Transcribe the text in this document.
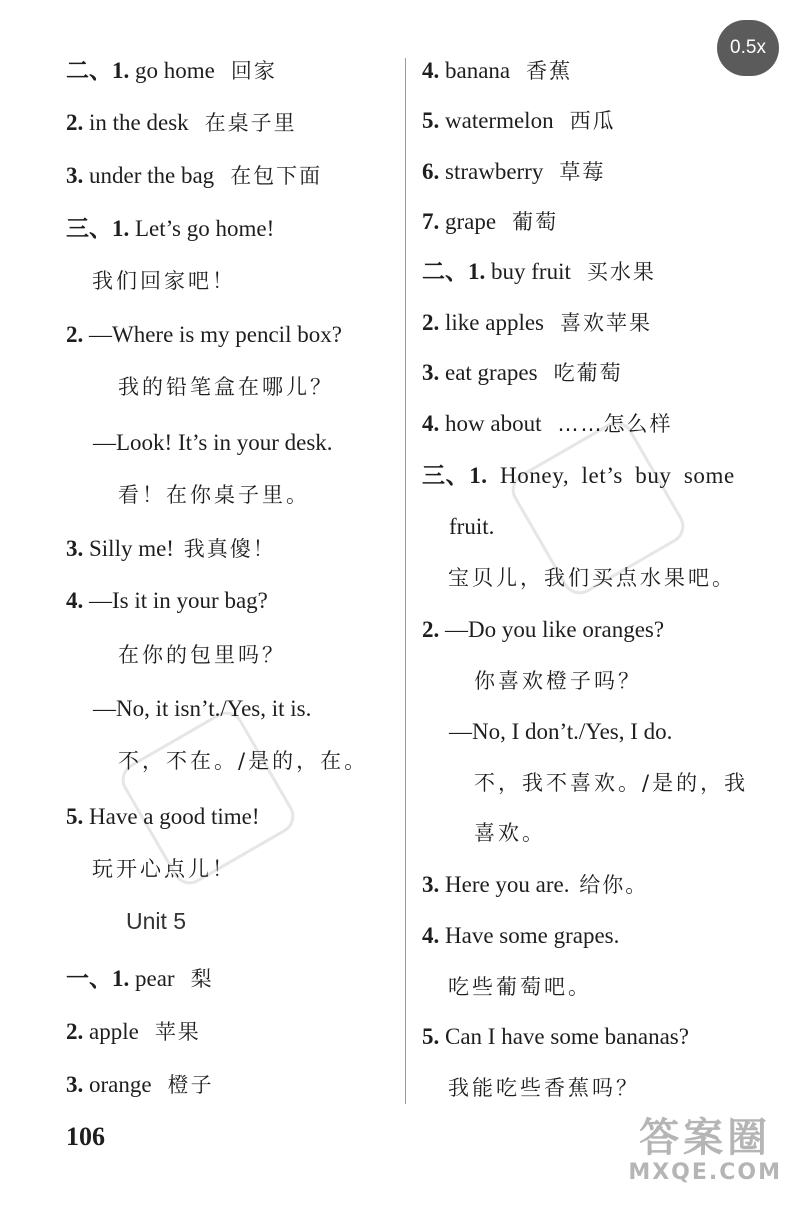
0.5x
二、1. go home 回家
2. in the desk 在桌子里
3. under the bag 在包下面
三、1. Let’s go home!
我们回家吧！
2. —Where is my pencil box?
我的铅笔盒在哪儿？
—Look! It’s in your desk.
看！在你桌子里。
3. Silly me! 我真傻！
4. —Is it in your bag?
在你的包里吗？
—No, it isn’t./Yes, it is.
不，不在。/是的，在。
5. Have a good time!
玩开心点儿！
一、1. pear 梨
2. apple 苹果
3. orange 橙子
Unit 5
4. banana 香蕉
5. watermelon 西瓜
6. strawberry 草莓
7. grape 葡萄
二、1. buy fruit 买水果
2. like apples 喜欢苹果
3. eat grapes 吃葡萄
4. how about ……怎么样
三、1. Honey, let’s buy some
fruit.
宝贝儿，我们买点水果吧。
2. —Do you like oranges?
你喜欢橙子吗？
—No, I don’t./Yes, I do.
不，我不喜欢。/是的，我
喜欢。
3. Here you are. 给你。
4. Have some grapes.
吃些葡萄吧。
5. Can I have some bananas?
我能吃些香蕉吗？
106	答案圈
MXQE.COM
